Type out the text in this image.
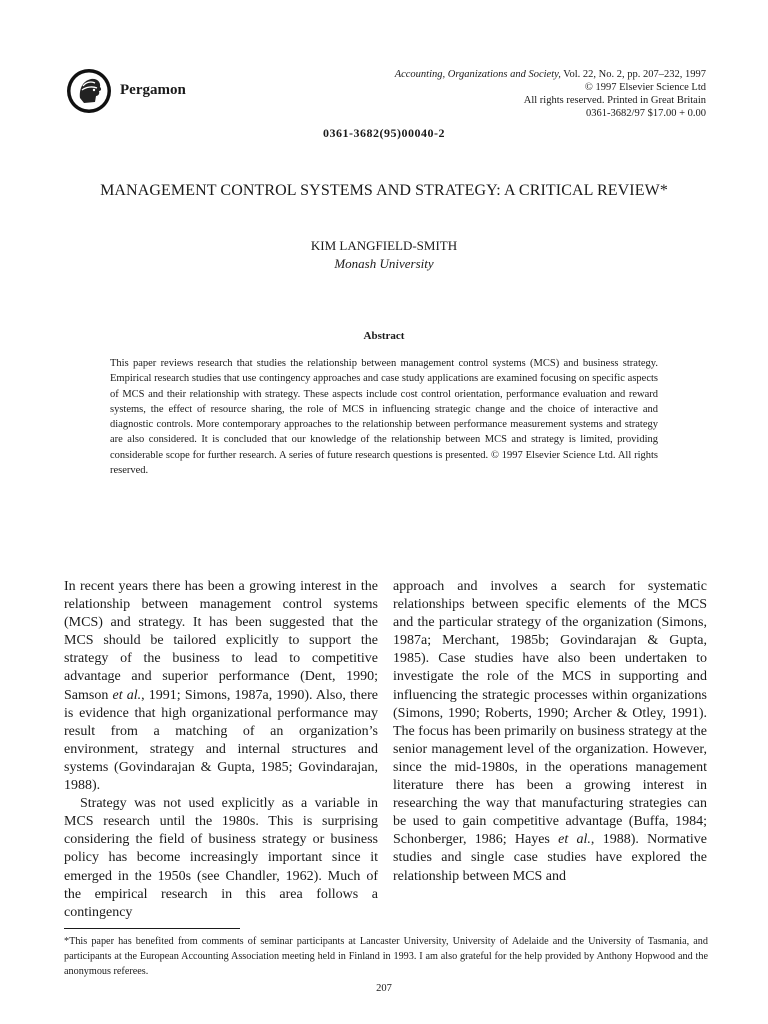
Pergamon
Accounting, Organizations and Society, Vol. 22, No. 2, pp. 207–232, 1997
© 1997 Elsevier Science Ltd
All rights reserved. Printed in Great Britain
0361-3682/97 $17.00 + 0.00
0361-3682(95)00040-2
MANAGEMENT CONTROL SYSTEMS AND STRATEGY: A CRITICAL REVIEW*
KIM LANGFIELD-SMITH
Monash University
Abstract
This paper reviews research that studies the relationship between management control systems (MCS) and business strategy. Empirical research studies that use contingency approaches and case study applications are examined focusing on specific aspects of MCS and their relationship with strategy. These aspects include cost control orientation, performance evaluation and reward systems, the effect of resource sharing, the role of MCS in influencing strategic change and the choice of interactive and diagnostic controls. More contemporary approaches to the relationship between performance measurement systems and strategy are also considered. It is concluded that our knowledge of the relationship between MCS and strategy is limited, providing considerable scope for further research. A series of future research questions is presented. © 1997 Elsevier Science Ltd. All rights reserved.

In recent years there has been a growing interest in the relationship between management control systems (MCS) and strategy. It has been suggested that the MCS should be tailored explicitly to support the strategy of the business to lead to competitive advantage and superior performance (Dent, 1990; Samson et al., 1991; Simons, 1987a, 1990). Also, there is evidence that high organizational performance may result from a matching of an organization’s environment, strategy and internal structures and systems (Govindarajan & Gupta, 1985; Govindarajan, 1988).

Strategy was not used explicitly as a variable in MCS research until the 1980s. This is surprising considering the field of business strategy or business policy has become increasingly important since it emerged in the 1950s (see Chandler, 1962). Much of the empirical research in this area follows a contingency

approach and involves a search for systematic relationships between specific elements of the MCS and the particular strategy of the organization (Simons, 1987a; Merchant, 1985b; Govindarajan & Gupta, 1985). Case studies have also been undertaken to investigate the role of the MCS in supporting and influencing the strategic processes within organizations (Simons, 1990; Roberts, 1990; Archer & Otley, 1991). The focus has been primarily on business strategy at the senior management level of the organization. However, since the mid-1980s, in the operations management literature there has been a growing interest in researching the way that manufacturing strategies can be used to gain competitive advantage (Buffa, 1984; Schonberger, 1986; Hayes et al., 1988). Normative studies and single case studies have explored the relationship between MCS and

*This paper has benefited from comments of seminar participants at Lancaster University, University of Adelaide and the University of Tasmania, and participants at the European Accounting Association meeting held in Finland in 1993. I am also grateful for the help provided by Anthony Hopwood and the anonymous referees.
207
